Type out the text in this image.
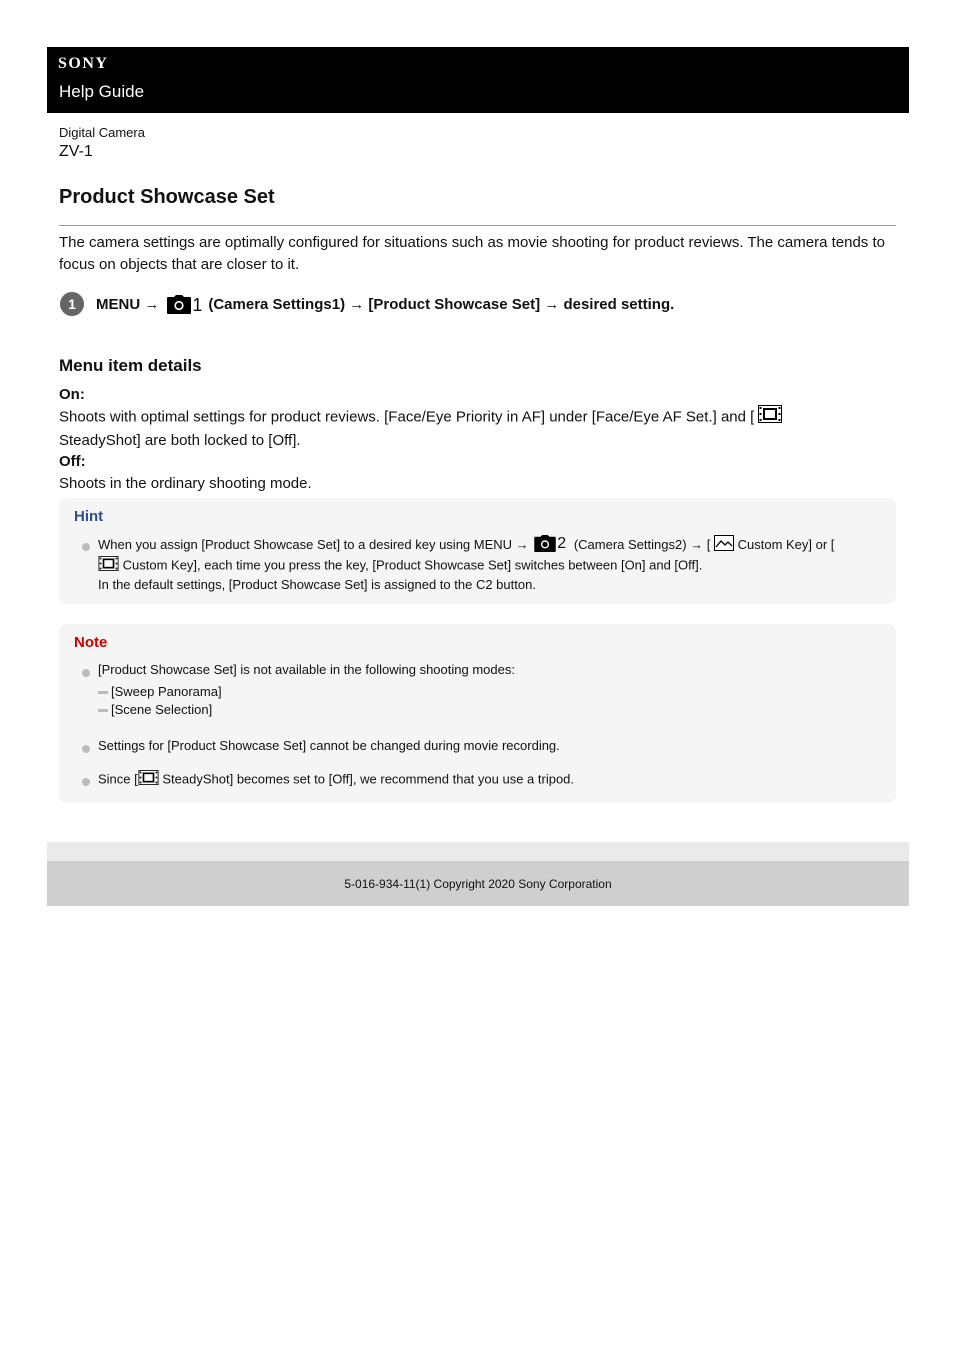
SONY
Help Guide
Digital Camera
ZV-1
Product Showcase Set

The camera settings are optimally configured for situations such as movie shooting for product reviews. The camera tends to focus on objects that are closer to it.

1	MENU → 1 (Camera Settings1) → [Product Showcase Set] → desired setting.
Menu item details
On:

Shoots with optimal settings for product reviews. [Face/Eye Priority in AF] under [Face/Eye AF Set.] and [
SteadyShot] are both locked to [Off].

Off:

Shoots in the ordinary shooting mode.

Hint
When you assign [Product Showcase Set] to a desired key using MENU → 2 (Camera Settings2) → [ Custom Key] or [
Custom Key], each time you press the key, [Product Showcase Set] switches between [On] and [Off].
In the default settings, [Product Showcase Set] is assigned to the C2 button.
Note
[Product Showcase Set] is not available in the following shooting modes:
[Sweep Panorama]
[Scene Selection]
Settings for [Product Showcase Set] cannot be changed during movie recording.
Since [ SteadyShot] becomes set to [Off], we recommend that you use a tripod.
5-016-934-11(1) Copyright 2020 Sony Corporation
